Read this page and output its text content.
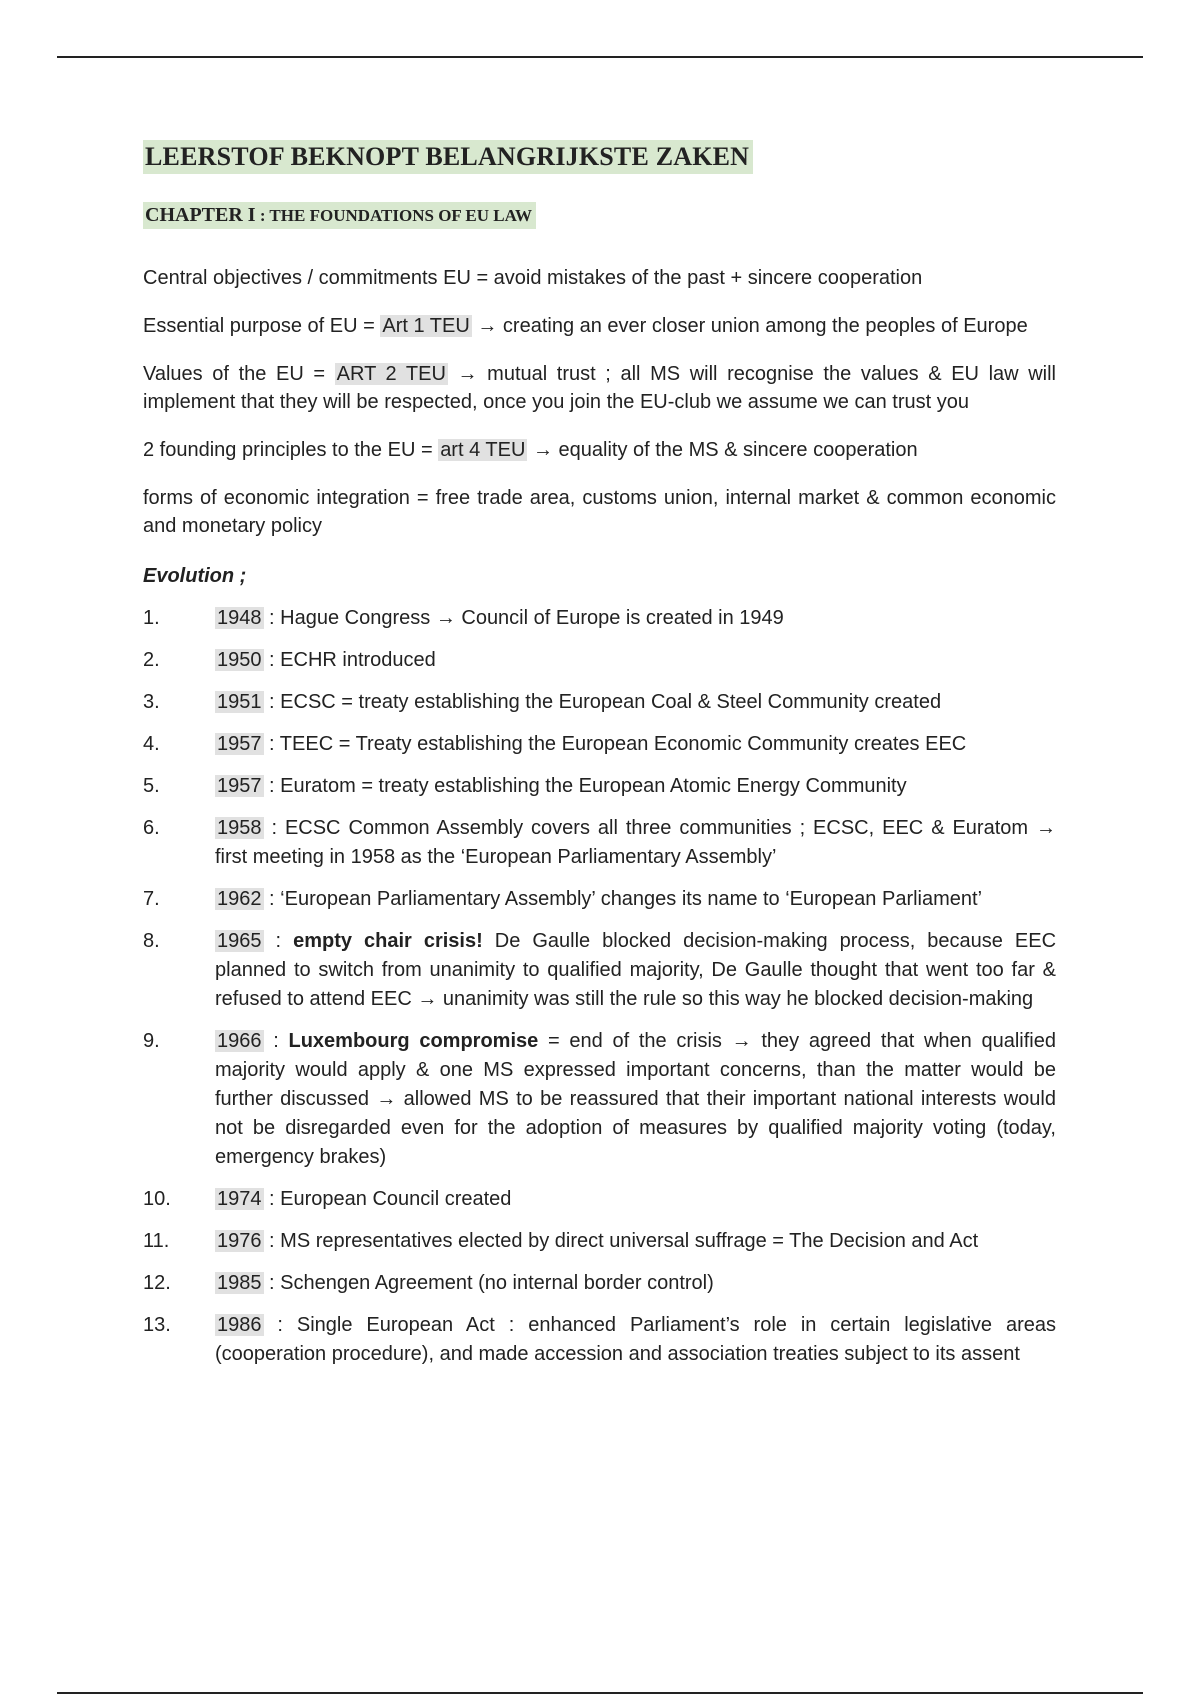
LEERSTOF BEKNOPT BELANGRIJKSTE ZAKEN
CHAPTER I : THE FOUNDATIONS OF EU LAW

Central objectives / commitments EU = avoid mistakes of the past + sincere cooperation

Essential purpose of EU = Art 1 TEU → creating an ever closer union among the peoples of Europe

Values of the EU = ART 2 TEU → mutual trust ; all MS will recognise the values & EU law will implement that they will be respected, once you join the EU-club we assume we can trust you

2 founding principles to the EU = art 4 TEU → equality of the MS & sincere cooperation

forms of economic integration = free trade area, customs union, internal market & common economic and monetary policy

Evolution ;
1.	1948 : Hague Congress → Council of Europe is created in 1949
2.	1950 : ECHR introduced
3.	1951 : ECSC = treaty establishing the European Coal & Steel Community created
4.	1957 : TEEC = Treaty establishing the European Economic Community creates EEC
5.	1957 : Euratom = treaty establishing the European Atomic Energy Community
6.	1958 : ECSC Common Assembly covers all three communities ; ECSC, EEC & Euratom → first meeting in 1958 as the ‘European Parliamentary Assembly’
7.	1962 : ‘European Parliamentary Assembly’ changes its name to ‘European Parliament’
8.	1965 : empty chair crisis! De Gaulle blocked decision-making process, because EEC planned to switch from unanimity to qualified majority, De Gaulle thought that went too far & refused to attend EEC → unanimity was still the rule so this way he blocked decision-making
9.	1966 : Luxembourg compromise = end of the crisis → they agreed that when qualified majority would apply & one MS expressed important concerns, than the matter would be further discussed → allowed MS to be reassured that their important national interests would not be disregarded even for the adoption of measures by qualified majority voting (today, emergency brakes)
10.	1974 : European Council created
11.	1976 : MS representatives elected by direct universal suffrage = The Decision and Act
12.	1985 : Schengen Agreement (no internal border control)
13.	1986 : Single European Act : enhanced Parliament’s role in certain legislative areas (cooperation procedure), and made accession and association treaties subject to its assent
